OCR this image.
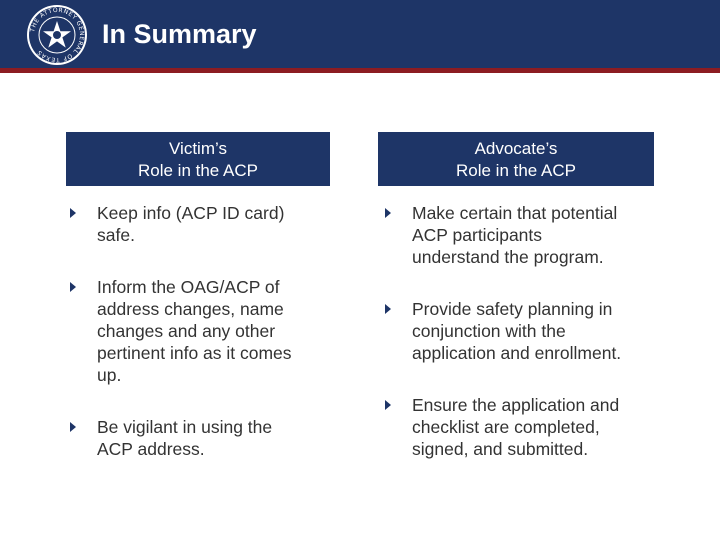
THE ATTORNEY GENERAL OF TEXAS
In Summary
Victim’s
Role in the ACP
Advocate’s
Role in the ACP
Keep info (ACP ID card)
safe.
Inform the OAG/ACP of
address changes, name
changes and any other
pertinent info as it comes
up.
Be vigilant in using the
ACP address.
Make certain that potential
ACP participants
understand the program.
Provide safety planning in
conjunction with the
application and enrollment.
Ensure the application and
checklist are completed,
signed, and submitted.
